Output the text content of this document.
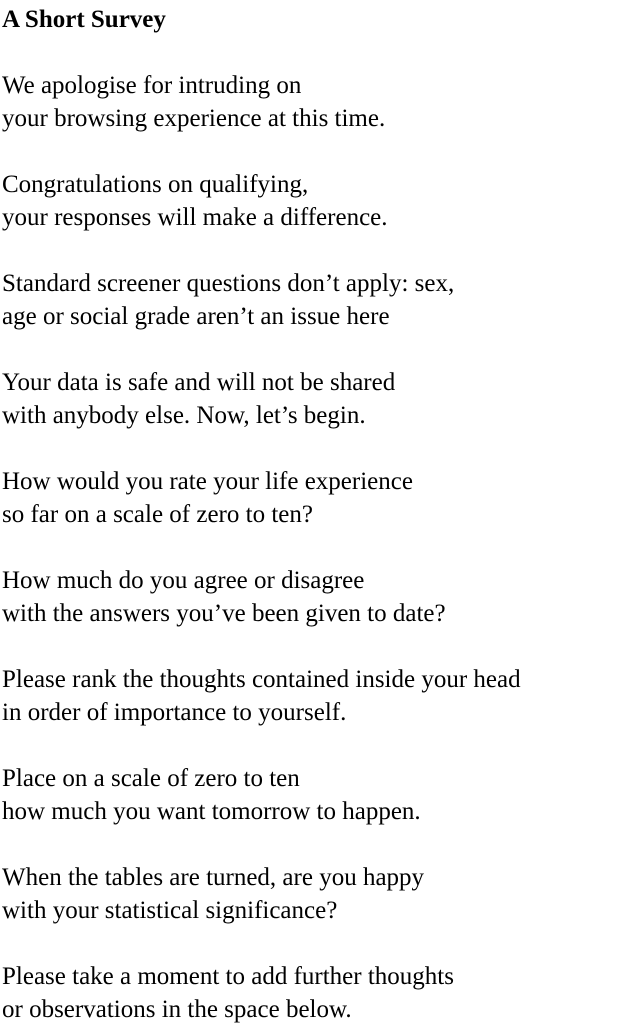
A Short Survey

We apologise for intruding on
your browsing experience at this time.

Congratulations on qualifying,
your responses will make a difference.

Standard screener questions don’t apply: sex,
age or social grade aren’t an issue here

Your data is safe and will not be shared
with anybody else. Now, let’s begin.

How would you rate your life experience
so far on a scale of zero to ten?

How much do you agree or disagree
with the answers you’ve been given to date?

Please rank the thoughts contained inside your head
in order of importance to yourself.

Place on a scale of zero to ten
how much you want tomorrow to happen.

When the tables are turned, are you happy
with your statistical significance?

Please take a moment to add further thoughts
or observations in the space below.
